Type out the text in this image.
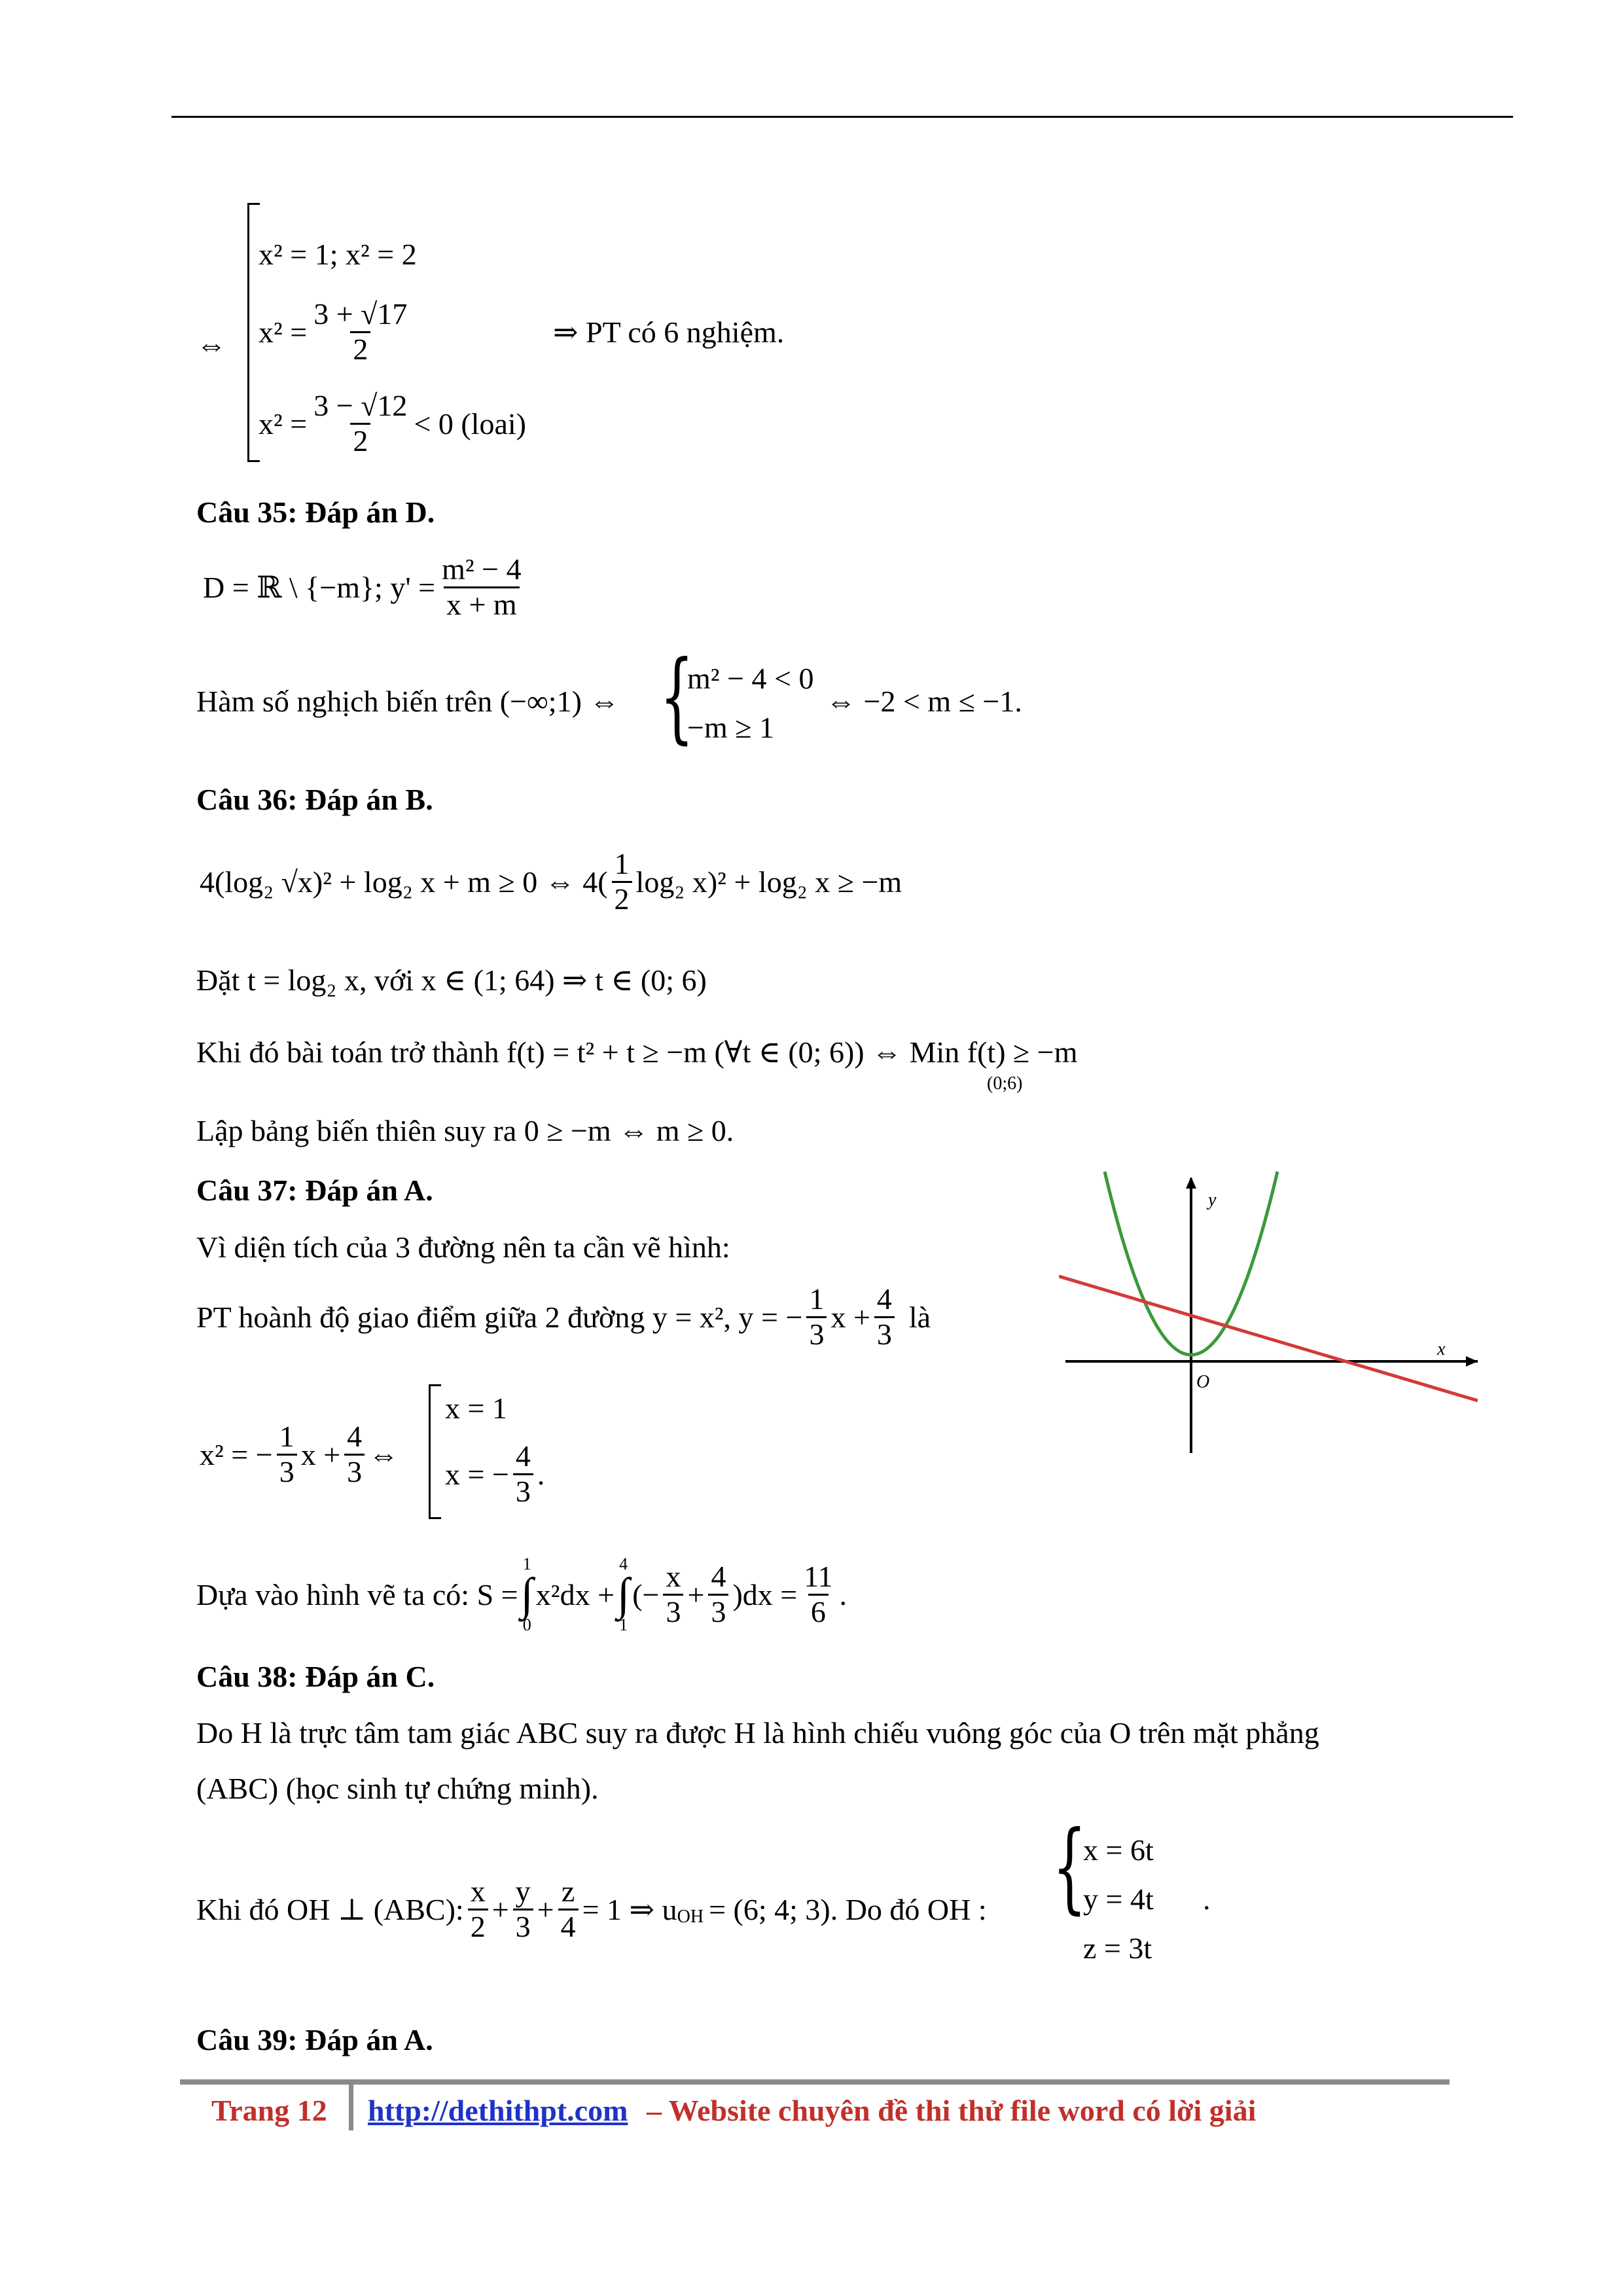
⇔
x² = 1; x² = 2
$x^2 = \frac{3 + √17}{2}$
$x^2 = \frac{3 - √12}{2} < 0$ (loai)
⇒ PT có 6 nghiệm.
Câu 35: Đáp án D.
D = ℝ \ {−m}; $y' = \frac{\text{m² − 4}}{x + m}$
Hàm số nghịch biến trên (−∞;1) ⇔ {
m² − 4 < 0
−m ≥ 1
⇔ −2 < m ≤ −1.
Câu 36: Đáp án B.
4(log₂ √x)² + log₂ x + m ≥ 0 ⇔ $4( \frac{1}{2} \log_2$ x)² + log₂ x ≥ −m
Đặt t = log₂ x, với x ∈ (1; 64) ⇒ t ∈ (0; 6)
Khi đó bài toán trở thành f(t) = t² + t ≥ −m (∀t ∈ (0; 6)) ⇔ Min f(t) ≥ −m
(0;6)
Lập bảng biến thiên suy ra 0 ≥ −m ⇔ m ≥ 0.
Câu 37: Đáp án A.
Vì diện tích của 3 đường nên ta cần vẽ hình:
PT hoành độ giao điểm giữa 2 đường y = x², y = − $\frac{1}{3}$ $x + \frac{4}{3}$ là
x² = − $\frac{1}{3}$ $x + \frac{4}{3}$ ⇔
x = 1
x = − $\frac{4}{3}$ .
Dựa vào hình vẽ ta có: S =
1
∫
0
x²dx +
4
∫
1
(− $\frac{x}{3} + \frac{4}{3} )dx = \frac{11}{6}$ .
y
x
O
Câu 38: Đáp án C.
Do H là trực tâm tam giác ABC suy ra được H là hình chiếu vuông góc của O trên mặt phẳng
(ABC) (học sinh tự chứng minh).
Khi đó OH ⊥ (ABC): $\frac{x}{2} + \frac{y}{3} + \frac{z}{4} = 1$ ⇒ u OH = (6; 4; 3). Do đó OH : {
x = 6t
y = 4t
z = 3t
.
Câu 39: Đáp án A.
Trang 12 http://dethithpt.com – Website chuyên đề thi thử file word có lời giải
